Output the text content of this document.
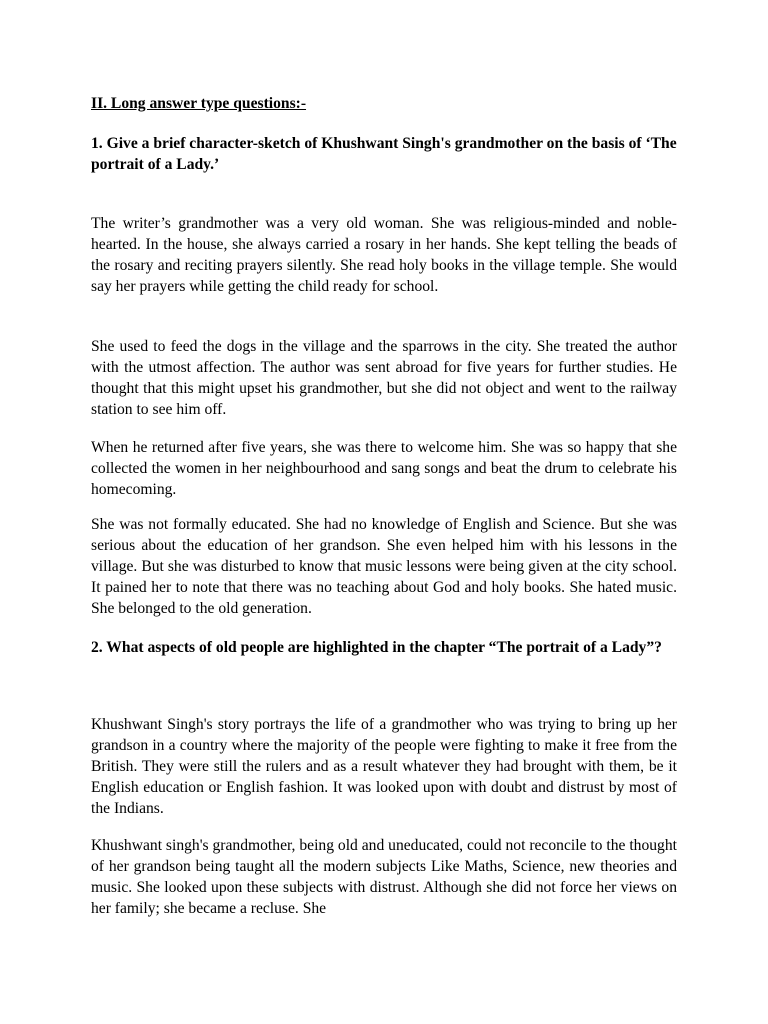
II. Long answer type questions:-

1. Give a brief character-sketch of Khushwant Singh's grandmother on the basis of ‘The portrait of a Lady.’

The writer’s grandmother was a very old woman. She was religious-minded and noble-hearted. In the house, she always carried a rosary in her hands. She kept telling the beads of the rosary and reciting prayers silently. She read holy books in the village temple. She would say her prayers while getting the child ready for school.

She used to feed the dogs in the village and the sparrows in the city. She treated the author with the utmost affection. The author was sent abroad for five years for further studies. He thought that this might upset his grandmother, but she did not object and went to the railway station to see him off.

When he returned after five years, she was there to welcome him. She was so happy that she collected the women in her neighbourhood and sang songs and beat the drum to celebrate his homecoming.

She was not formally educated. She had no knowledge of English and Science. But she was serious about the education of her grandson. She even helped him with his lessons in the village. But she was disturbed to know that music lessons were being given at the city school. It pained her to note that there was no teaching about God and holy books. She hated music. She belonged to the old generation.

2. What aspects of old people are highlighted in the chapter “The portrait of a Lady”?

Khushwant Singh's story portrays the life of a grandmother who was trying to bring up her grandson in a country where the majority of the people were fighting to make it free from the British. They were still the rulers and as a result whatever they had brought with them, be it English education or English fashion. It was looked upon with doubt and distrust by most of the Indians.

Khushwant singh's grandmother, being old and uneducated, could not reconcile to the thought of her grandson being taught all the modern subjects Like Maths, Science, new theories and music. She looked upon these subjects with distrust. Although she did not force her views on her family; she became a recluse. She
